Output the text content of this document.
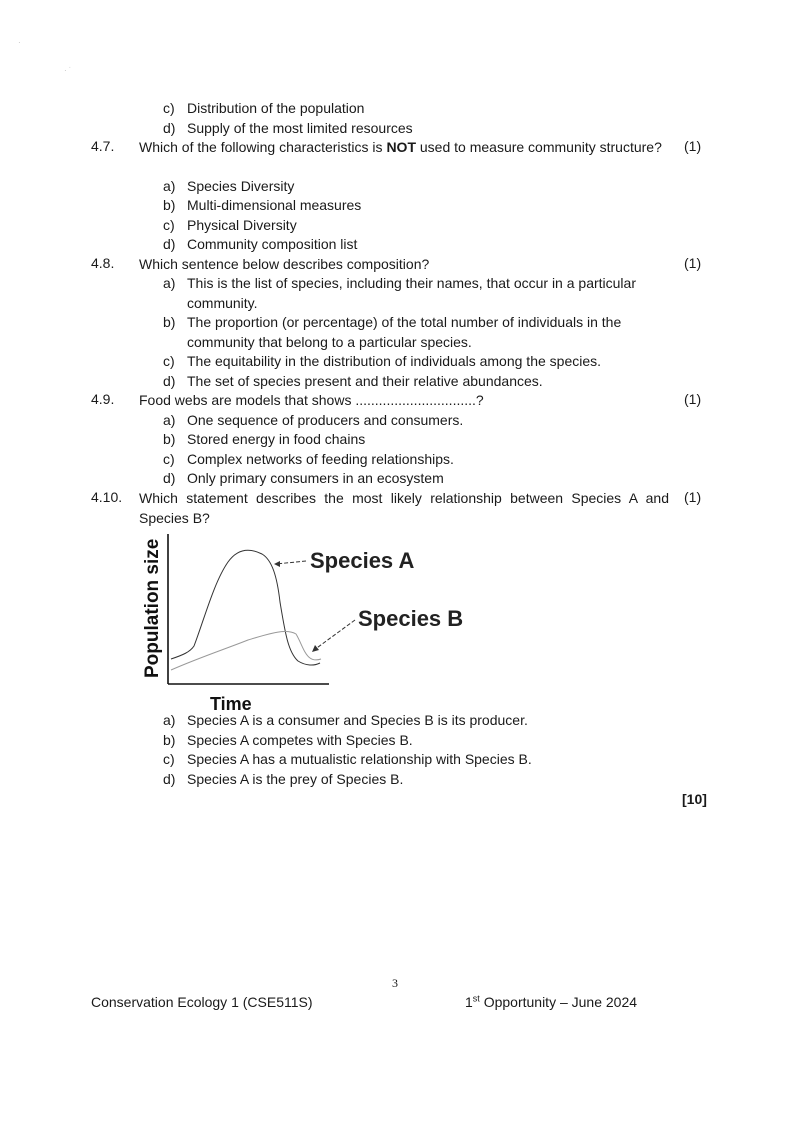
·
· ˙
c) Distribution of the population
d) Supply of the most limited resources
4.7. Which of the following characteristics is NOT used to measure community structure?	(1)
a) Species Diversity
b) Multi-dimensional measures
c) Physical Diversity
d) Community composition list
4.8. Which sentence below describes composition?	(1)
a) This is the list of species, including their names, that occur in a particular community.
b) The proportion (or percentage) of the total number of individuals in the community that belong to a particular species.
c) The equitability in the distribution of individuals among the species.
d) The set of species present and their relative abundances.
4.9. Food webs are models that shows ...............................?	(1)
a) One sequence of producers and consumers.
b) Stored energy in food chains
c) Complex networks of feeding relationships.
d) Only primary consumers in an ecosystem
4.10. Which statement describes the most likely relationship between Species A and Species B?
(1)
Population size	Species A
Species B
Time
a) Species A is a consumer and Species B is its producer.
b) Species A competes with Species B.
c) Species A has a mutualistic relationship with Species B.
d) Species A is the prey of Species B.
[10]
3
Conservation Ecology 1 (CSE511S)	1st Opportunity – June 2024
